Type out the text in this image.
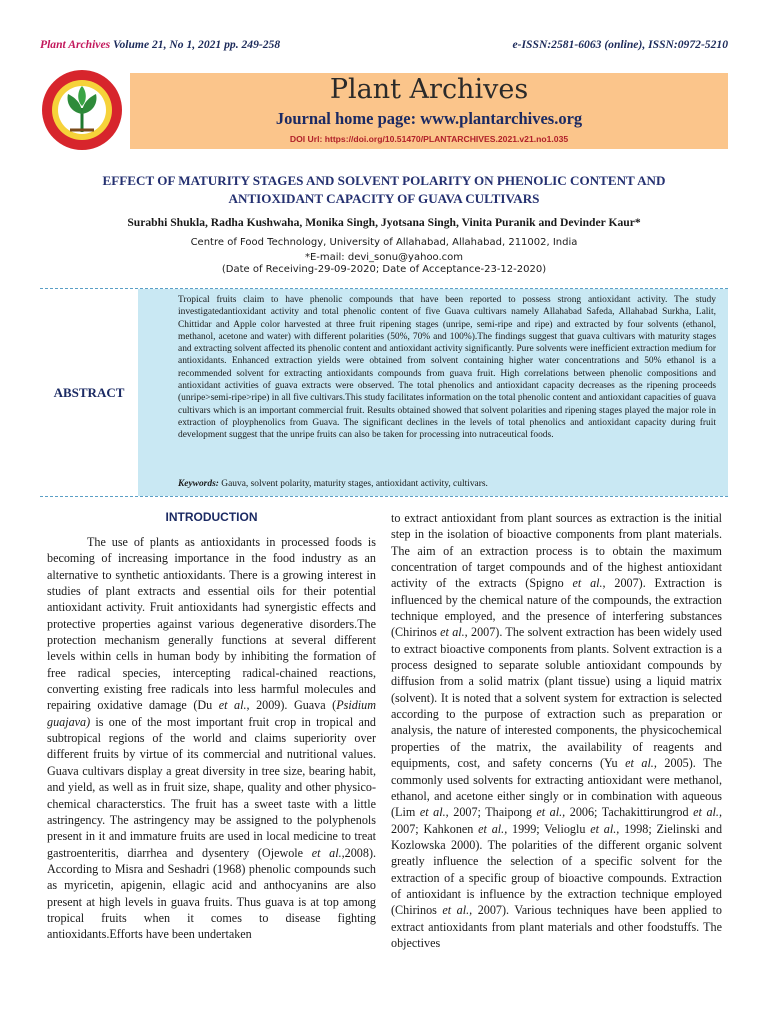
Plant Archives Volume 21, No 1, 2021 pp. 249-258	e-ISSN:2581-6063 (online), ISSN:0972-5210
Plant Archives
Journal home page: www.plantarchives.org
DOI Url: https://doi.org/10.51470/PLANTARCHIVES.2021.v21.no1.035
EFFECT OF MATURITY STAGES AND SOLVENT POLARITY ON PHENOLIC CONTENT AND
ANTIOXIDANT CAPACITY OF GUAVA CULTIVARS
Surabhi Shukla, Radha Kushwaha, Monika Singh, Jyotsana Singh, Vinita Puranik and Devinder Kaur*
Centre of Food Technology, University of Allahabad, Allahabad, 211002, India
*E-mail: devi_sonu@yahoo.com
(Date of Receiving-29-09-2020; Date of Acceptance-23-12-2020)
ABSTRACT
Tropical fruits claim to have phenolic compounds that have been reported to possess strong antioxidant activity. The study investigatedantioxidant activity and total phenolic content of five Guava cultivars namely Allahabad Safeda, Allahabad Surkha, Lalit, Chittidar and Apple color harvested at three fruit ripening stages (unripe, semi-ripe and ripe) and extracted by four solvents (ethanol, methanol, acetone and water) with different polarities (50%, 70% and 100%).The findings suggest that guava cultivars with maturity stages and extracting solvent affected its phenolic content and antioxidant activity significantly. Pure solvents were inefficient extraction medium for antioxidants. Enhanced extraction yields were obtained from solvent containing higher water concentrations and 50% ethanol is a recommended solvent for extracting antioxidants compounds from guava fruit. High correlations between phenolic compositions and antioxidant activities of guava extracts were observed. The total phenolics and antioxidant capacity decreases as the ripening proceeds (unripe>semi-ripe>ripe) in all five cultivars.This study facilitates information on the total phenolic content and antioxidant capacities of guava cultivars which is an important commercial fruit. Results obtained showed that solvent polarities and ripening stages played the major role in extraction of ployphenolics from Guava. The significant declines in the levels of total phenolics and antioxidant capacity during fruit development suggest that the unripe fruits can also be taken for processing into nutraceutical foods.
Keywords: Gauva, solvent polarity, maturity stages, antioxidant activity, cultivars.
INTRODUCTION

The use of plants as antioxidants in processed foods is becoming of increasing importance in the food industry as an alternative to synthetic antioxidants. There is a growing interest in studies of plant extracts and essential oils for their potential antioxidant activity. Fruit antioxidants had synergistic effects and protective properties against various degenerative disorders.The protection mechanism generally functions at several different levels within cells in human body by inhibiting the formation of free radical species, intercepting radical-chained reactions, converting existing free radicals into less harmful molecules and repairing oxidative damage (Du et al., 2009). Guava (Psidium guajava) is one of the most important fruit crop in tropical and subtropical regions of the world and claims superiority over different fruits by virtue of its commercial and nutritional values. Guava cultivars display a great diversity in tree size, bearing habit, and yield, as well as in fruit size, shape, quality and other physico-chemical characterstics. The fruit has a sweet taste with a little astringency. The astringency may be assigned to the polyphenols present in it and immature fruits are used in local medicine to treat gastroenteritis, diarrhea and dysentery (Ojewole et al.,2008). According to Misra and Seshadri (1968) phenolic compounds such as myricetin, apigenin, ellagic acid and anthocyanins are also present at high levels in guava fruits. Thus guava is at top among tropical fruits when it comes to disease fighting antioxidants.Efforts have been undertaken

to extract antioxidant from plant sources as extraction is the initial step in the isolation of bioactive components from plant materials. The aim of an extraction process is to obtain the maximum concentration of target compounds and of the highest antioxidant activity of the extracts (Spigno et al., 2007). Extraction is influenced by the chemical nature of the compounds, the extraction technique employed, and the presence of interfering substances (Chirinos et al., 2007). The solvent extraction has been widely used to extract bioactive components from plants. Solvent extraction is a process designed to separate soluble antioxidant compounds by diffusion from a solid matrix (plant tissue) using a liquid matrix (solvent). It is noted that a solvent system for extraction is selected according to the purpose of extraction such as preparation or analysis, the nature of interested components, the physicochemical properties of the matrix, the availability of reagents and equipments, cost, and safety concerns (Yu et al., 2005). The commonly used solvents for extracting antioxidant were methanol, ethanol, and acetone either singly or in combination with aqueous (Lim et al., 2007; Thaipong et al., 2006; Tachakittirungrod et al., 2007; Kahkonen et al., 1999; Velioglu et al., 1998; Zielinski and Kozlowska 2000). The polarities of the different organic solvent greatly influence the selection of a specific solvent for the extraction of a specific group of bioactive compounds. Extraction of antioxidant is influence by the extraction technique employed (Chirinos et al., 2007). Various techniques have been applied to extract antioxidants from plant materials and other foodstuffs. The objectives
